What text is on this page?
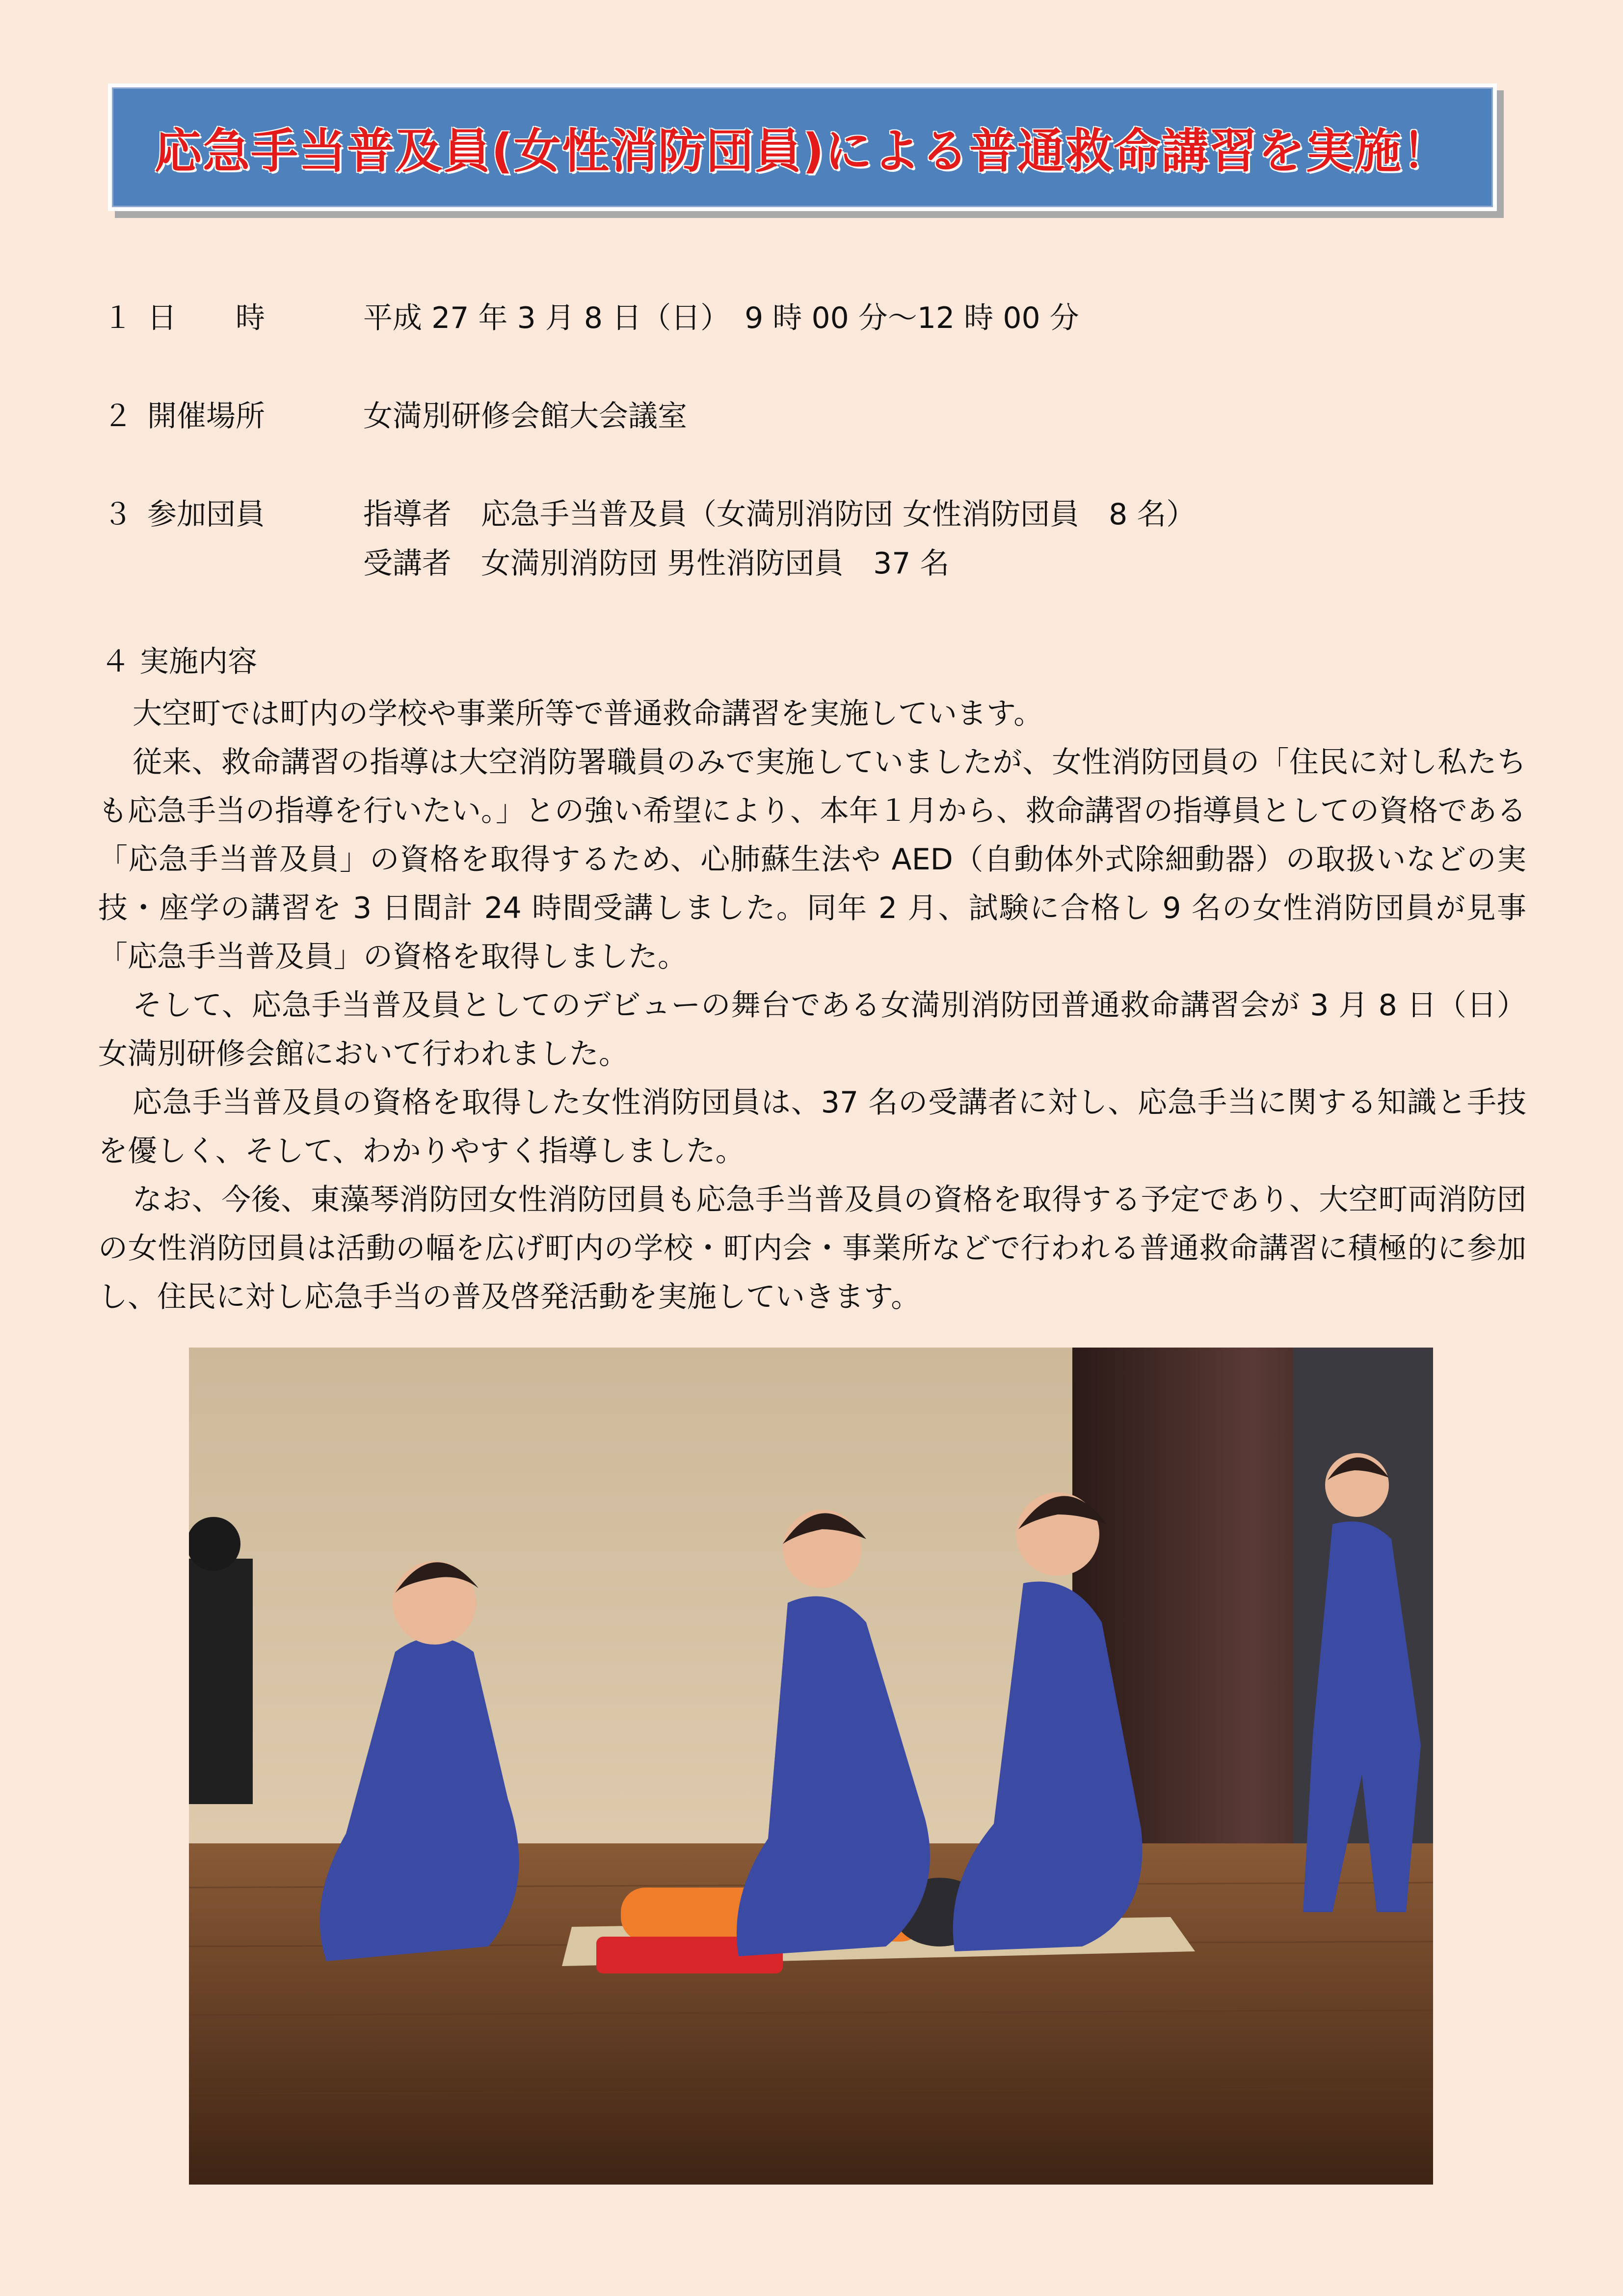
応急手当普及員(女性消防団員)による普通救命講習を実施！
１ 日　　時	平成 27 年 3 月 8 日（日）　9 時 00 分～12 時 00 分
２ 開催場所	女満別研修会館大会議室
３ 参加団員	指導者　応急手当普及員（女満別消防団 女性消防団員　8 名）
受講者　女満別消防団 男性消防団員　37 名
４ 実施内容

大空町では町内の学校や事業所等で普通救命講習を実施しています。

従来、救命講習の指導は大空消防署職員のみで実施していましたが、女性消防団員の「住民に対し私たちも応急手当の指導を行いたい。」との強い希望により、本年１月から、救命講習の指導員としての資格である「応急手当普及員」の資格を取得するため、心肺蘇生法や AED（自動体外式除細動器）の取扱いなどの実技・座学の講習を 3 日間計 24 時間受講しました。同年 2 月、試験に合格し 9 名の女性消防団員が見事「応急手当普及員」の資格を取得しました。

そして、応急手当普及員としてのデビューの舞台である女満別消防団普通救命講習会が 3 月 8 日（日）女満別研修会館において行われました。

応急手当普及員の資格を取得した女性消防団員は、37 名の受講者に対し、応急手当に関する知識と手技を優しく、そして、わかりやすく指導しました。

なお、今後、東藻琴消防団女性消防団員も応急手当普及員の資格を取得する予定であり、大空町両消防団の女性消防団員は活動の幅を広げ町内の学校・町内会・事業所などで行われる普通救命講習に積極的に参加し、住民に対し応急手当の普及啓発活動を実施していきます。
